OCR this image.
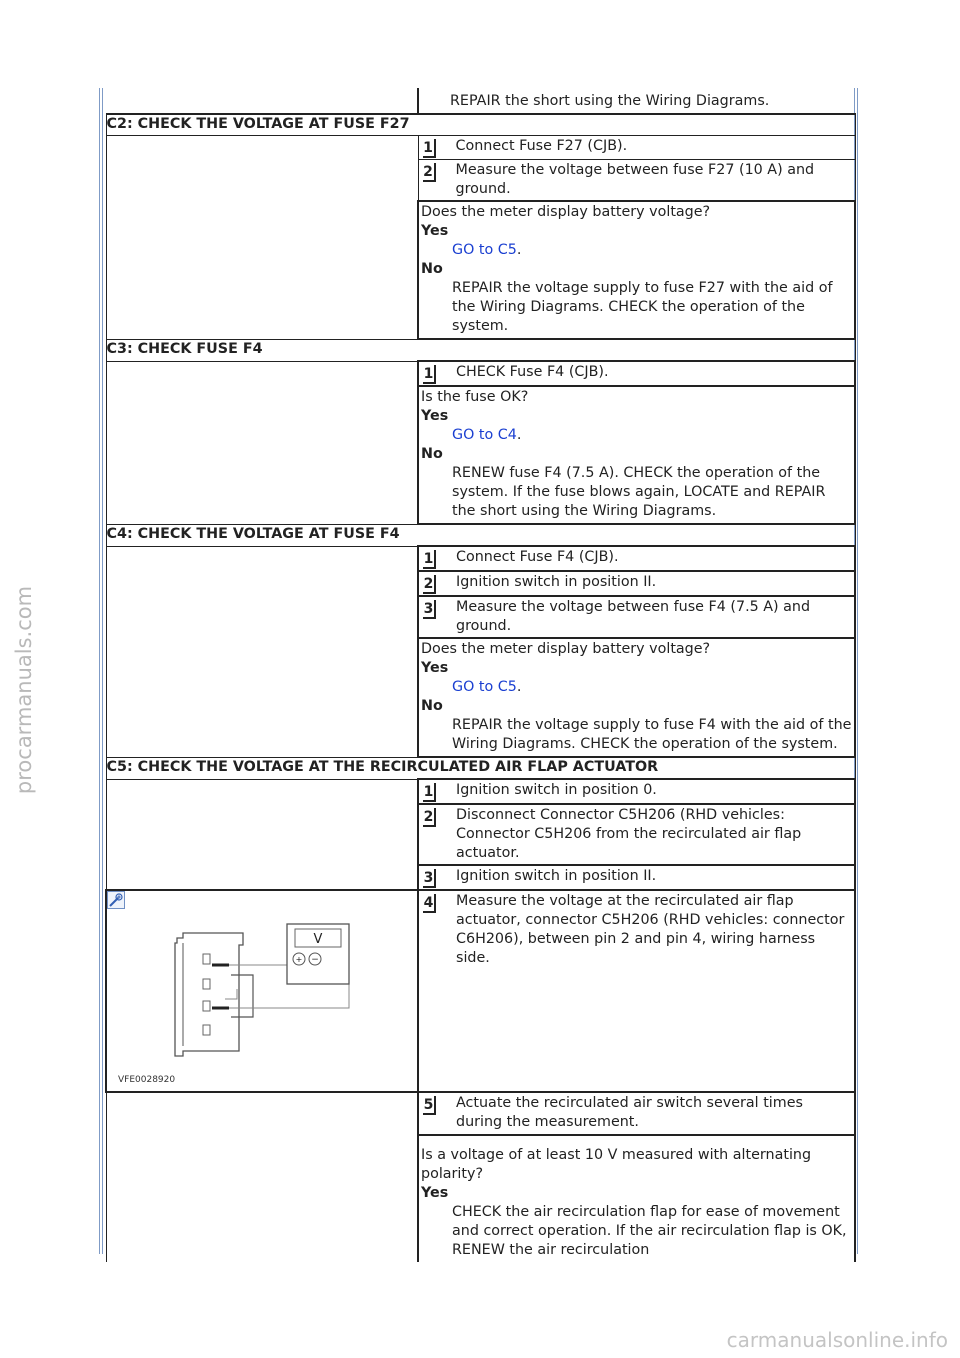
	REPAIR the short using the Wiring Diagrams.
C2: CHECK THE VOLTAGE AT FUSE F27	

	1 Connect Fuse F27 (CJB).

	2 Measure the voltage between fuse F27 (10 A) and ground.

	Does the meter display battery voltage?
Yes
GO to C5.
No
REPAIR the voltage supply to fuse F27 with the aid of the Wiring Diagrams. CHECK the operation of the system.

C3: CHECK FUSE F4	

	1 CHECK Fuse F4 (CJB).

	Is the fuse OK?
Yes
GO to C4.
No
RENEW fuse F4 (7.5 A). CHECK the operation of the system. If the fuse blows again, LOCATE and REPAIR the short using the Wiring Diagrams.

C4: CHECK THE VOLTAGE AT FUSE F4	

	1 Connect Fuse F4 (CJB).

	2 Ignition switch in position II.

	3 Measure the voltage between fuse F4 (7.5 A) and ground.

	Does the meter display battery voltage?
Yes
GO to C5.
No
REPAIR the voltage supply to fuse F4 with the aid of the Wiring Diagrams. CHECK the operation of the system.

C5: CHECK THE VOLTAGE AT THE RECIRCULATED AIR FLAP ACTUATOR	

	1 Ignition switch in position 0.

	2 Disconnect Connector C5H206 (RHD vehicles: Connector C5H206 from the recirculated air flap actuator.

	3 Ignition switch in position II.

V
+ −
VFE0028920	4 Measure the voltage at the recirculated air flap actuator, connector C5H206 (RHD vehicles: connector C6H206), between pin 2 and pin 4, wiring harness side.

	5 Actuate the recirculated air switch several times during the measurement.

	Is a voltage of at least 10 V measured with alternating polarity?
Yes
CHECK the air recirculation flap for ease of movement and correct operation. If the air recirculation flap is OK, RENEW the air recirculation
procarmanuals.com
carmanualsonline.info
